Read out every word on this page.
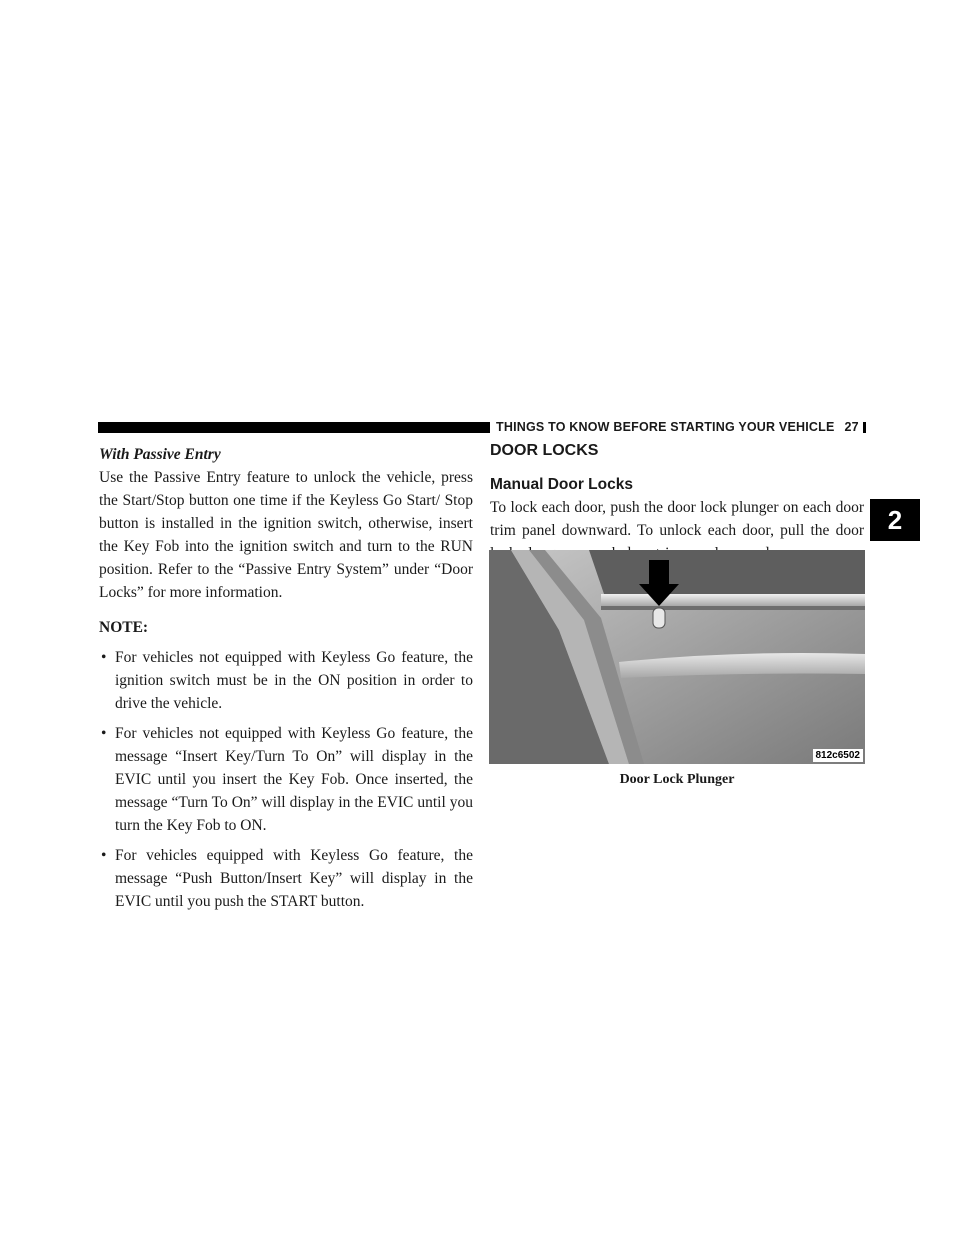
THINGS TO KNOW BEFORE STARTING YOUR VEHICLE 27
2

With Passive Entry

Use the Passive Entry feature to unlock the vehicle, press the Start/Stop button one time if the Keyless Go Start/ Stop button is installed in the ignition switch, otherwise, insert the Key Fob into the ignition switch and turn to the RUN position. Refer to the “Passive Entry System” under “Door Locks” for more information.

NOTE:

• For vehicles not equipped with Keyless Go feature, the ignition switch must be in the ON position in order to drive the vehicle.
• For vehicles not equipped with Keyless Go feature, the message “Insert Key/Turn To On” will display in the EVIC until you insert the Key Fob. Once inserted, the message “Turn To On” will display in the EVIC until you turn the Key Fob to ON.
• For vehicles equipped with Keyless Go feature, the message “Push Button/Insert Key” will display in the EVIC until you push the START button.
DOOR LOCKS
Manual Door Locks

To lock each door, push the door lock plunger on each door trim panel downward. To unlock each door, pull the door

812c6502
Door Lock Plunger
